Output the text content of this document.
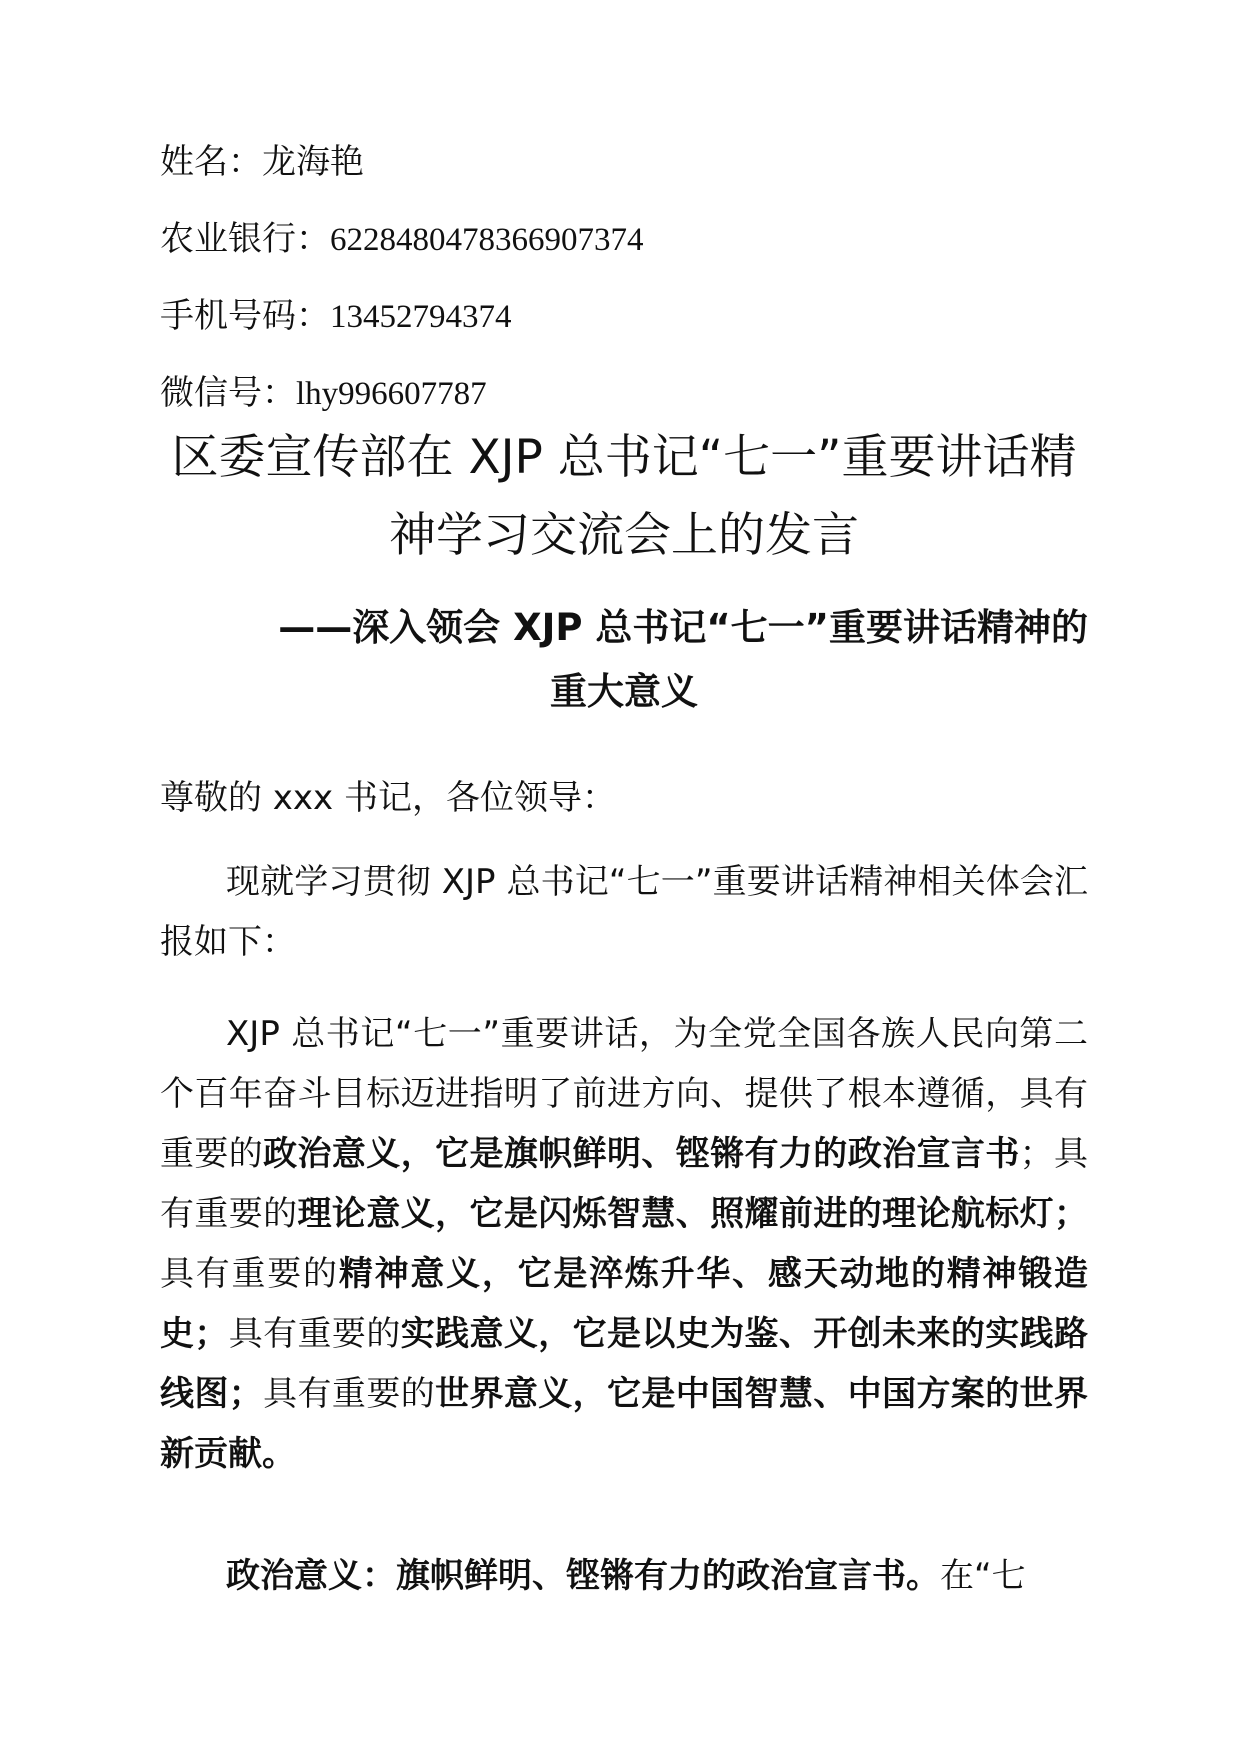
姓名：龙海艳
农业银行：6228480478366907374
手机号码：13452794374
微信号：lhy996607787
区委宣传部在 XJP 总书记“七一”重要讲话精
神学习交流会上的发言
——深入领会 XJP 总书记“七一”重要讲话精神的
重大意义

尊敬的 xxx 书记，各位领导：

现就学习贯彻 XJP 总书记“七一”重要讲话精神相关体会汇报如下：

XJP 总书记“七一”重要讲话，为全党全国各族人民向第二个百年奋斗目标迈进指明了前进方向、提供了根本遵循，具有重要的政治意义，它是旗帜鲜明、铿锵有力的政治宣言书；具有重要的理论意义，它是闪烁智慧、照耀前进的理论航标灯；具有重要的精神意义，它是淬炼升华、感天动地的精神锻造史；具有重要的实践意义，它是以史为鉴、开创未来的实践路线图；具有重要的世界意义，它是中国智慧、中国方案的世界新贡献。

政治意义：旗帜鲜明、铿锵有力的政治宣言书。在“七
